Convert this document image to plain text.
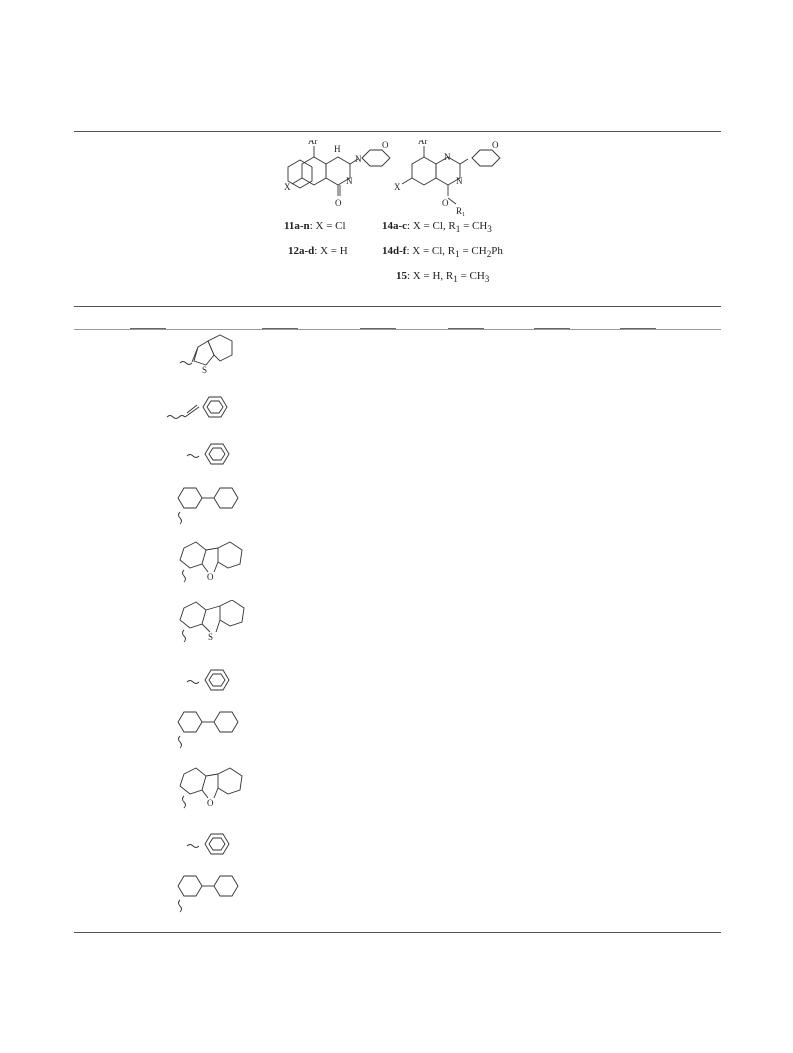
Ar
H
N
N
O
O
X
Ar
N
N
O
O
$R_1$
X
11a-n: X = Cl
12a-d: X = H
14a-c: X = Cl, $R_1 = CH_3$
14d-f: X = Cl, $R_1 = CH_2Ph$
15: X = H, $R_1 = CH_3$
S
O
S
O
